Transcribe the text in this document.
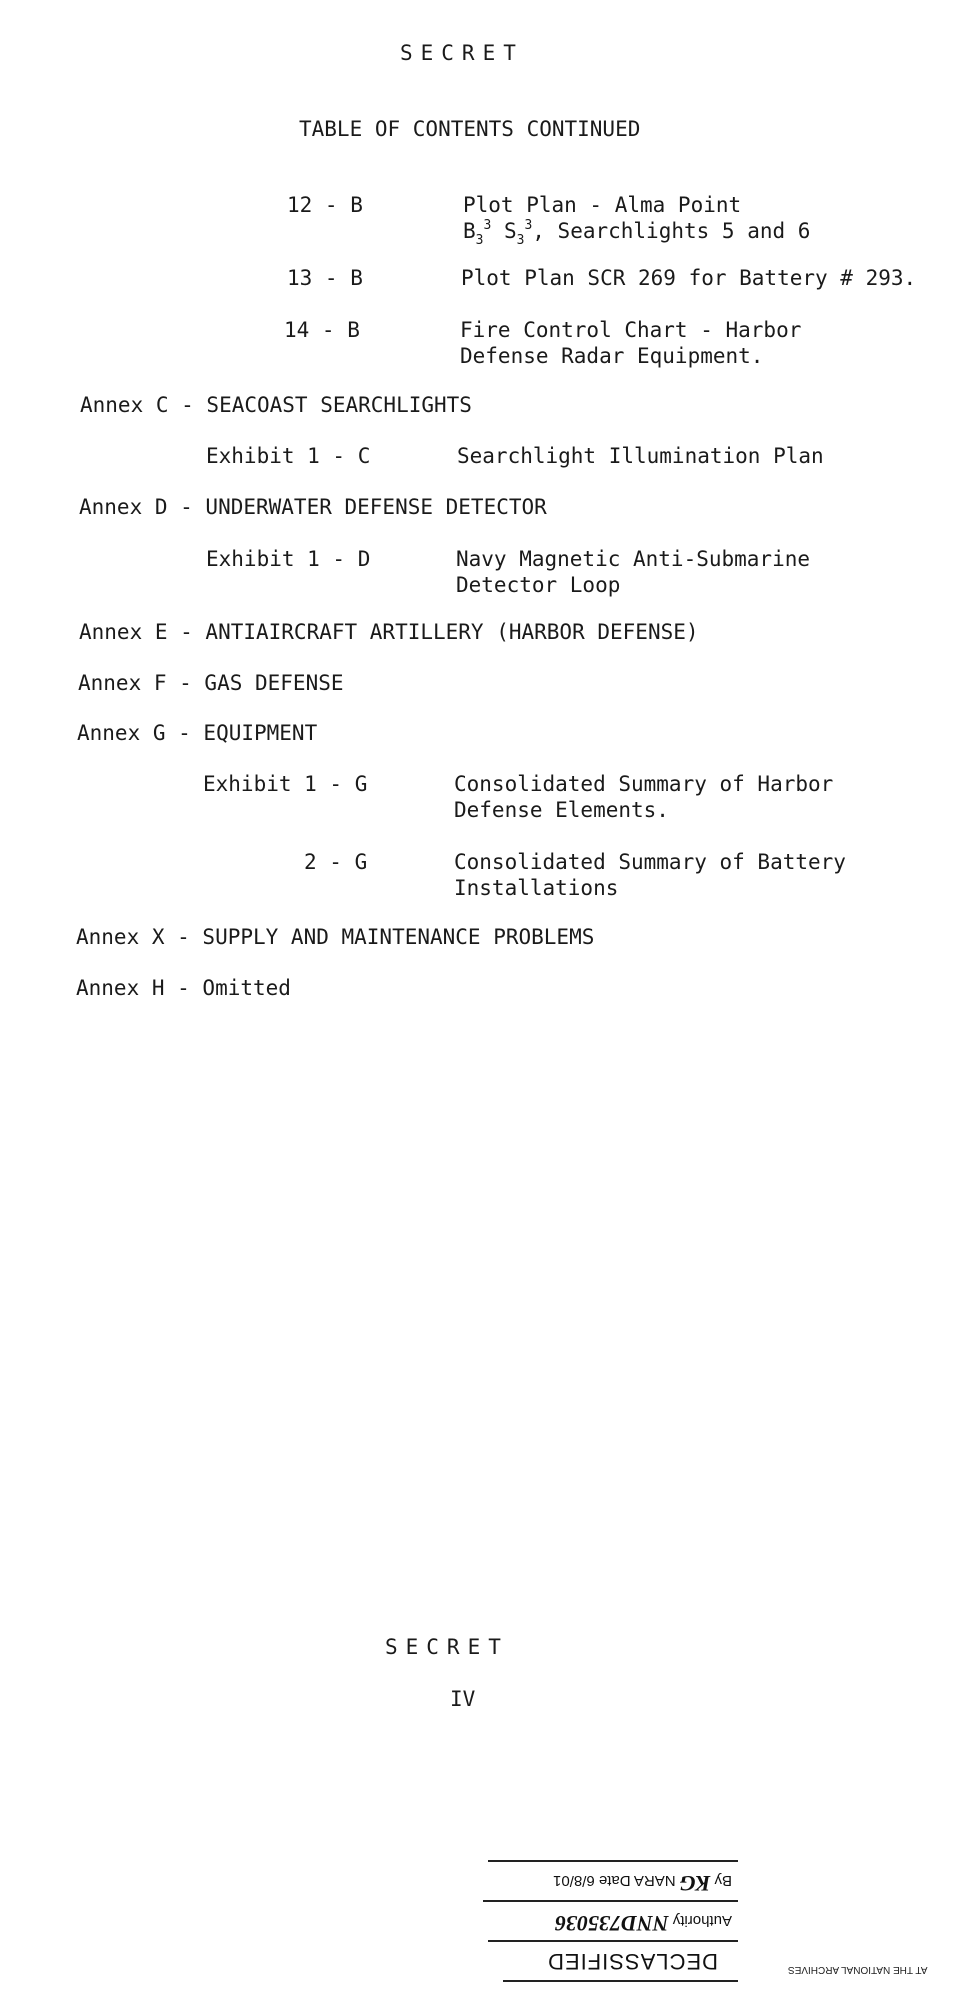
SECRET
TABLE OF CONTENTS CONTINUED
12 - B	Plot Plan - Alma Point
$B_3^3$ $S_3^3$, Searchlights 5 and 6
13 - B	Plot Plan SCR 269 for Battery # 293.
14 - B	Fire Control Chart - Harbor
Defense Radar Equipment.
Annex C - SEACOAST SEARCHLIGHTS
Exhibit 1 - C	Searchlight Illumination Plan
Annex D - UNDERWATER DEFENSE DETECTOR
Exhibit 1 - D	Navy Magnetic Anti-Submarine
Detector Loop
Annex E - ANTIAIRCRAFT ARTILLERY (HARBOR DEFENSE)
Annex F - GAS DEFENSE
Annex G - EQUIPMENT
Exhibit 1 - G	Consolidated Summary of Harbor
Defense Elements.
2 - G	Consolidated Summary of Battery
Installations
Annex X - SUPPLY AND MAINTENANCE PROBLEMS
Annex H - Omitted
SECRET
IV
DECLASSIFIED
Authority NND735036
By KG NARA Date 6/8/01
AT THE NATIONAL ARCHIVES
